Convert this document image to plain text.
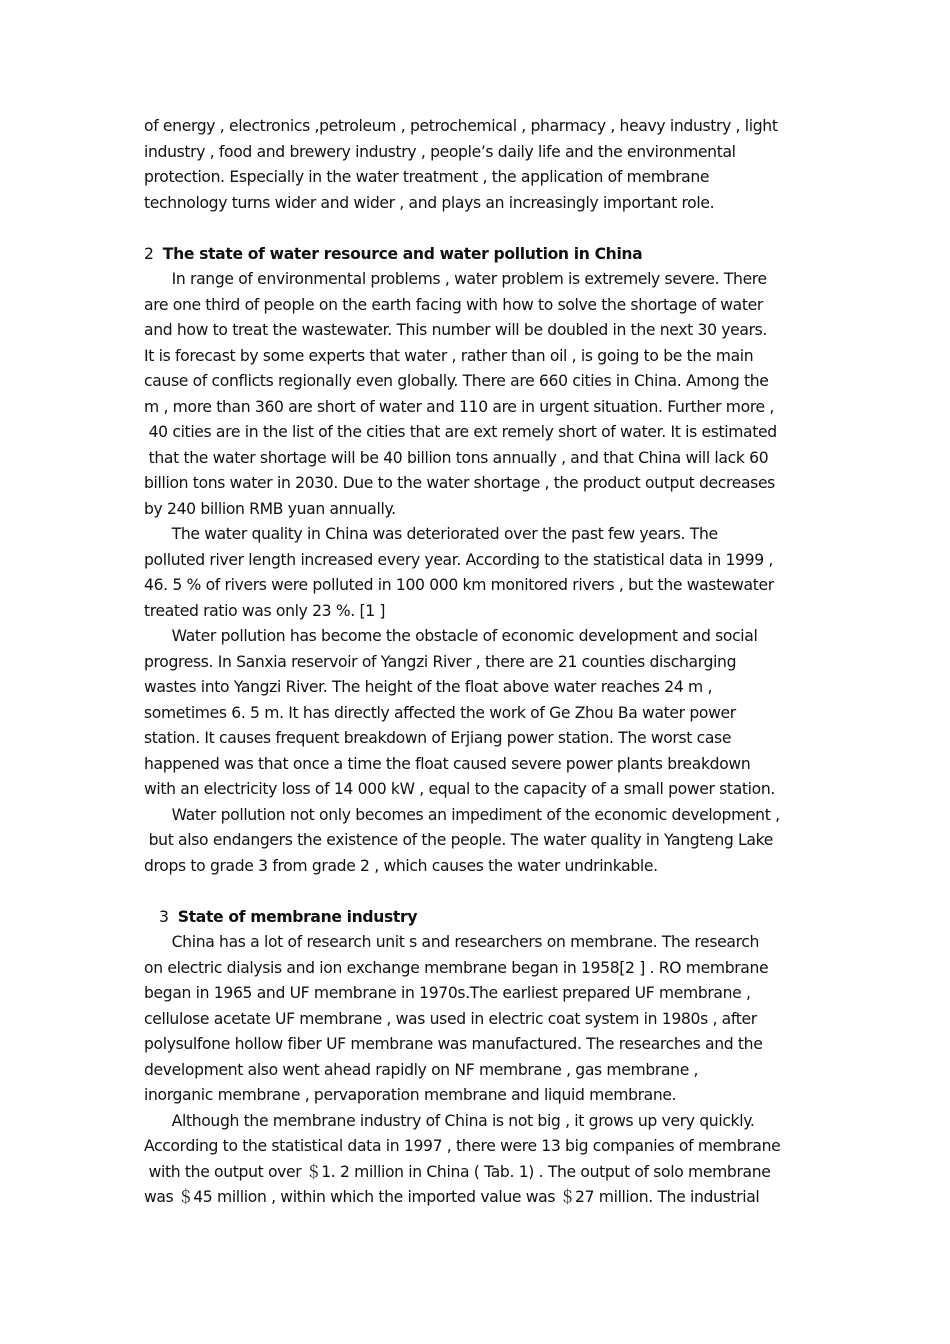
of energy , electronics ,petroleum , petrochemical , pharmacy , heavy industry , light
industry , food and brewery industry , people’s daily life and the environmental
protection. Especially in the water treatment , the application of membrane
technology turns wider and wider , and plays an increasingly important role.
2 The state of water resource and water pollution in China
In range of environmental problems , water problem is extremely severe. There
are one third of people on the earth facing with how to solve the shortage of water
and how to treat the wastewater. This number will be doubled in the next 30 years.
It is forecast by some experts that water , rather than oil , is going to be the main
cause of conflicts regionally even globally. There are 660 cities in China. Among the
m , more than 360 are short of water and 110 are in urgent situation. Further more ,
40 cities are in the list of the cities that are ext remely short of water. It is estimated
that the water shortage will be 40 billion tons annually , and that China will lack 60
billion tons water in 2030. Due to the water shortage , the product output decreases
by 240 billion RMB yuan annually.
The water quality in China was deteriorated over the past few years. The
polluted river length increased every year. According to the statistical data in 1999 ,
46. 5 % of rivers were polluted in 100 000 km monitored rivers , but the wastewater
treated ratio was only 23 %. [1 ]
Water pollution has become the obstacle of economic development and social
progress. In Sanxia reservoir of Yangzi River , there are 21 counties discharging
wastes into Yangzi River. The height of the float above water reaches 24 m ,
sometimes 6. 5 m. It has directly affected the work of Ge Zhou Ba water power
station. It causes frequent breakdown of Erjiang power station. The worst case
happened was that once a time the float caused severe power plants breakdown
with an electricity loss of 14 000 kW , equal to the capacity of a small power station.
Water pollution not only becomes an impediment of the economic development ,
but also endangers the existence of the people. The water quality in Yangteng Lake
drops to grade 3 from grade 2 , which causes the water undrinkable.
3 State of membrane industry
China has a lot of research unit s and researchers on membrane. The research
on electric dialysis and ion exchange membrane began in 1958[2 ] . RO membrane
began in 1965 and UF membrane in 1970s.The earliest prepared UF membrane ,
cellulose acetate UF membrane , was used in electric coat system in 1980s , after
polysulfone hollow fiber UF membrane was manufactured. The researches and the
development also went ahead rapidly on NF membrane , gas membrane ,
inorganic membrane , pervaporation membrane and liquid membrane.
Although the membrane industry of China is not big , it grows up very quickly.
According to the statistical data in 1997 , there were 13 big companies of membrane
with the output over ＄1. 2 million in China ( Tab. 1) . The output of solo membrane
was ＄45 million , within which the imported value was ＄27 million. The industrial
